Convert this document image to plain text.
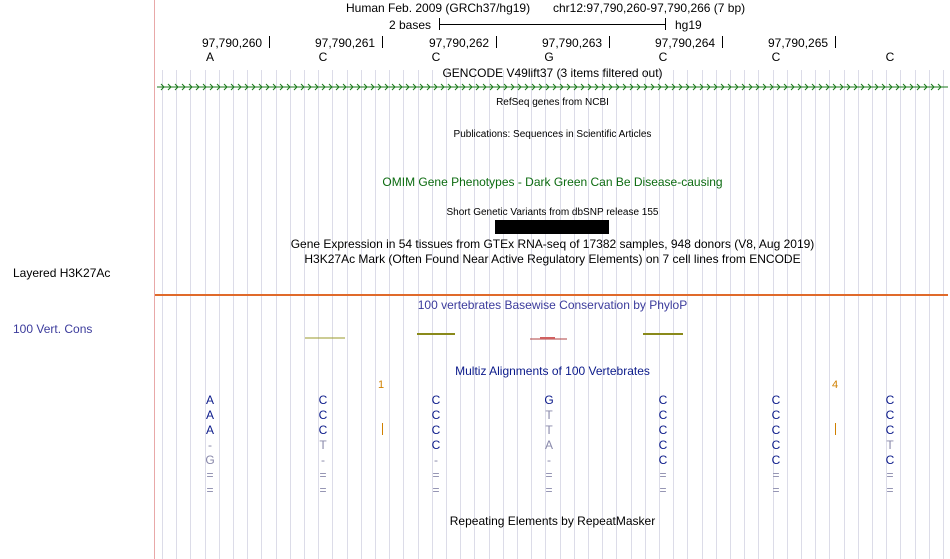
Layered H3K27Ac
100 Vert. Cons
Human Feb. 2009 (GRCh37/hg19) chr12:97,790,260-97,790,266 (7 bp)
2 bases	hg19
97,790,260	97,790,261	97,790,262	97,790,263	97,790,264	97,790,265
A	C	C	G	C	C	C
GENCODE V49lift37 (3 items filtered out)
RefSeq genes from NCBI
Publications: Sequences in Scientific Articles
OMIM Gene Phenotypes - Dark Green Can Be Disease-causing
Short Genetic Variants from dbSNP release 155
Gene Expression in 54 tissues from GTEx RNA-seq of 17382 samples, 948 donors (V8, Aug 2019)
H3K27Ac Mark (Often Found Near Active Regulatory Elements) on 7 cell lines from ENCODE
100 vertebrates Basewise Conservation by PhyloP
Multiz Alignments of 100 Vertebrates
1	4
A	C	C	G	C	C	C
A	C	C	T	C	C	C
A	C	C	T	C	C	C
-	T	C	A	C	C	T
G	-	-	-	C	C	C
=	=	=	=	=	=	=
=	=	=	=	=	=	=
Repeating Elements by RepeatMasker
